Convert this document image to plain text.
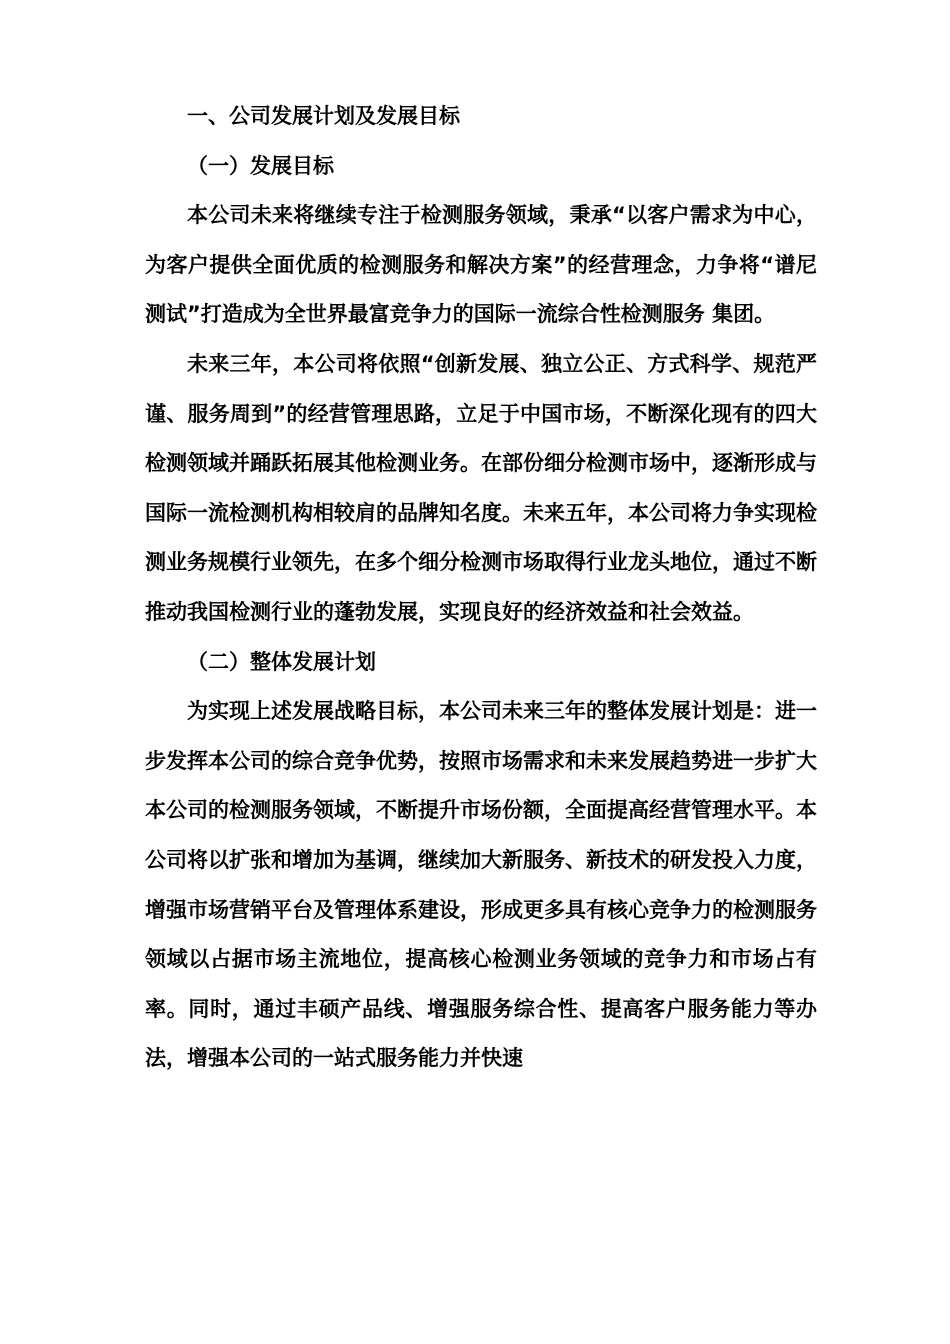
一、公司发展计划及发展目标

（一）发展目标

本公司未来将继续专注于检测服务领域，秉承“以客户需求为中心，为客户提供全面优质的检测服务和解决方案”的经营理念，力争将“谱尼测试”打造成为全世界最富竞争力的国际一流综合性检测服务 集团。

未来三年，本公司将依照“创新发展、独立公正、方式科学、规范严谨、服务周到”的经营管理思路，立足于中国市场，不断深化现有的四大检测领域并踊跃拓展其他检测业务。在部份细分检测市场中，逐渐形成与国际一流检测机构相较肩的品牌知名度。未来五年，本公司将力争实现检测业务规模行业领先，在多个细分检测市场取得行业龙头地位，通过不断推动我国检测行业的蓬勃发展，实现良好的经济效益和社会效益。

（二）整体发展计划

为实现上述发展战略目标，本公司未来三年的整体发展计划是：进一步发挥本公司的综合竞争优势，按照市场需求和未来发展趋势进一步扩大本公司的检测服务领域，不断提升市场份额，全面提高经营管理水平。本公司将以扩张和增加为基调，继续加大新服务、新技术的研发投入力度，增强市场营销平台及管理体系建设，形成更多具有核心竞争力的检测服务领域以占据市场主流地位，提高核心检测业务领域的竞争力和市场占有率。同时，通过丰硕产品线、增强服务综合性、提高客户服务能力等办法，增强本公司的一站式服务能力并快速
